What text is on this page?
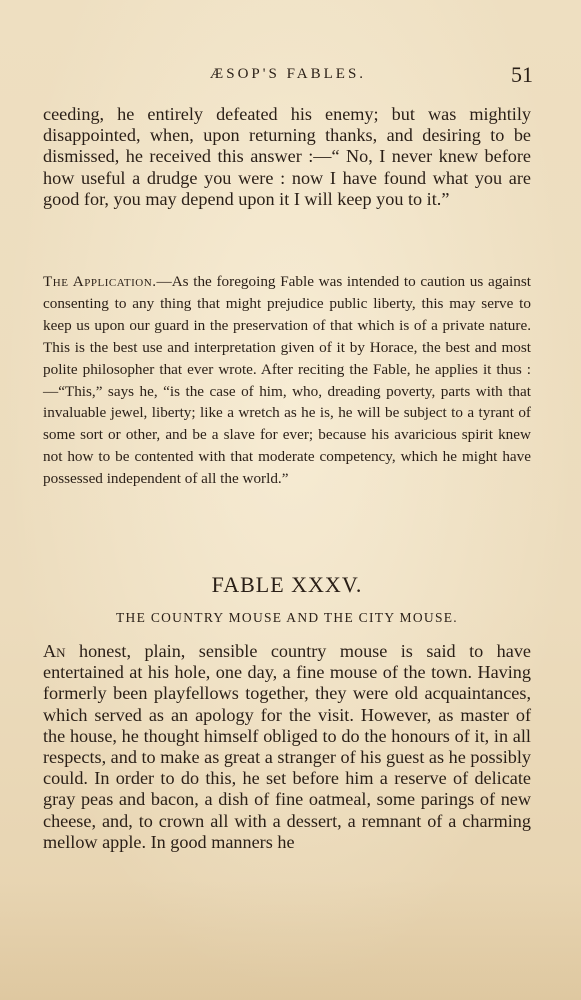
ÆSOP'S FABLES.	51

ceeding, he entirely defeated his enemy; but was mightily disappointed, when, upon returning thanks, and desiring to be dismissed, he received this answer :—“ No, I never knew before how useful a drudge you were : now I have found what you are good for, you may depend upon it I will keep you to it.”

The Application.—As the foregoing Fable was intended to caution us against consenting to any thing that might prejudice public liberty, this may serve to keep us upon our guard in the preservation of that which is of a private nature. This is the best use and interpretation given of it by Horace, the best and most polite philosopher that ever wrote. After reciting the Fable, he applies it thus :—“This,” says he, “is the case of him, who, dreading poverty, parts with that invaluable jewel, liberty; like a wretch as he is, he will be subject to a tyrant of some sort or other, and be a slave for ever; because his avaricious spirit knew not how to be contented with that moderate competency, which he might have possessed independent of all the world.”

FABLE XXXV.
THE COUNTRY MOUSE AND THE CITY MOUSE.

An honest, plain, sensible country mouse is said to have entertained at his hole, one day, a fine mouse of the town. Having formerly been playfellows together, they were old acquaintances, which served as an apology for the visit. However, as master of the house, he thought himself obliged to do the honours of it, in all respects, and to make as great a stranger of his guest as he possibly could. In order to do this, he set before him a reserve of delicate gray peas and bacon, a dish of fine oatmeal, some parings of new cheese, and, to crown all with a dessert, a remnant of a charming mellow apple. In good manners he
